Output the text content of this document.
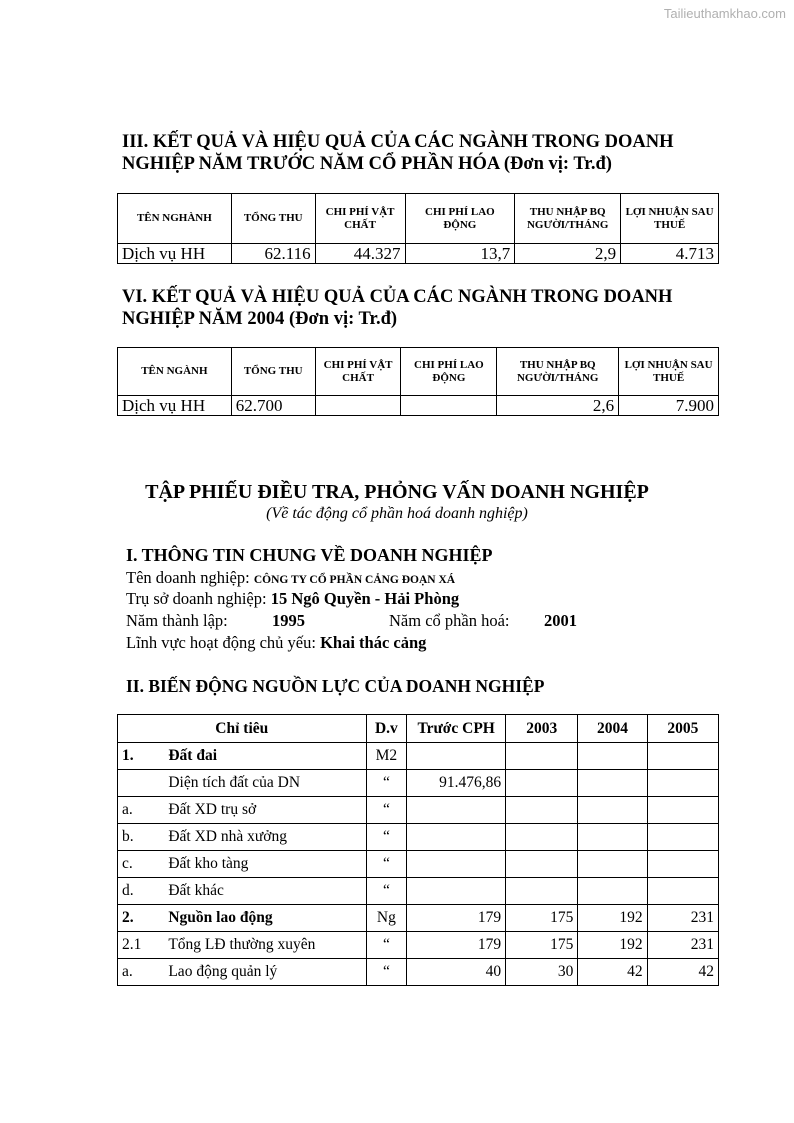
Tailieuthamkhao.com
III. KẾT QUẢ VÀ HIỆU QUẢ CỦA CÁC NGÀNH TRONG DOANH
NGHIỆP NĂM TRƯỚC NĂM CỔ PHẦN HÓA (Đơn vị: Tr.đ)
TÊN NGHÀNH	TỔNG THU	CHI PHÍ VẬT CHẤT	CHI PHÍ LAO ĐỘNG	THU NHẬP BQ NGƯỜI/THÁNG	LỢI NHUẬN SAU THUẾ
Dịch vụ HH	62.116	44.327	13,7	2,9	4.713
VI. KẾT QUẢ VÀ HIỆU QUẢ CỦA CÁC NGÀNH TRONG DOANH
NGHIỆP NĂM 2004 (Đơn vị: Tr.đ)
TÊN NGÀNH	TỔNG THU	CHI PHÍ VẬT CHẤT	CHI PHÍ LAO ĐỘNG	THU NHẬP BQ NGƯỜI/THÁNG	LỢI NHUẬN SAU THUẾ
Dịch vụ HH	62.700			2,6	7.900
TẬP PHIẾU ĐIỀU TRA, PHỎNG VẤN DOANH NGHIỆP
(Về tác động cổ phần hoá doanh nghiệp)
I. THÔNG TIN CHUNG VỀ DOANH NGHIỆP
Tên doanh nghiệp: CÔNG TY CỔ PHẦN CẢNG ĐOẠN XÁ
Trụ sở doanh nghiệp: 15 Ngô Quyền - Hải Phòng
Năm thành lập:	1995	Năm cổ phần hoá: 2001
Lĩnh vực hoạt động chủ yếu: Khai thác cảng
II. BIẾN ĐỘNG NGUỒN LỰC CỦA DOANH NGHIỆP
Chỉ tiêu		D.v	Trước CPH	2003	2004	2005
1.	Đất đai	M2				
	Diện tích đất của DN	“	91.476,86			
a.	Đất XD trụ sở	“				
b.	Đất XD nhà xưởng	“				
c.	Đất kho tàng	“				
d.	Đất khác	“				
2.	Nguồn lao động	Ng	179	175	192	231
2.1	Tổng LĐ thường xuyên	“	179	175	192	231
a.	Lao động quản lý	“	40	30	42	42
